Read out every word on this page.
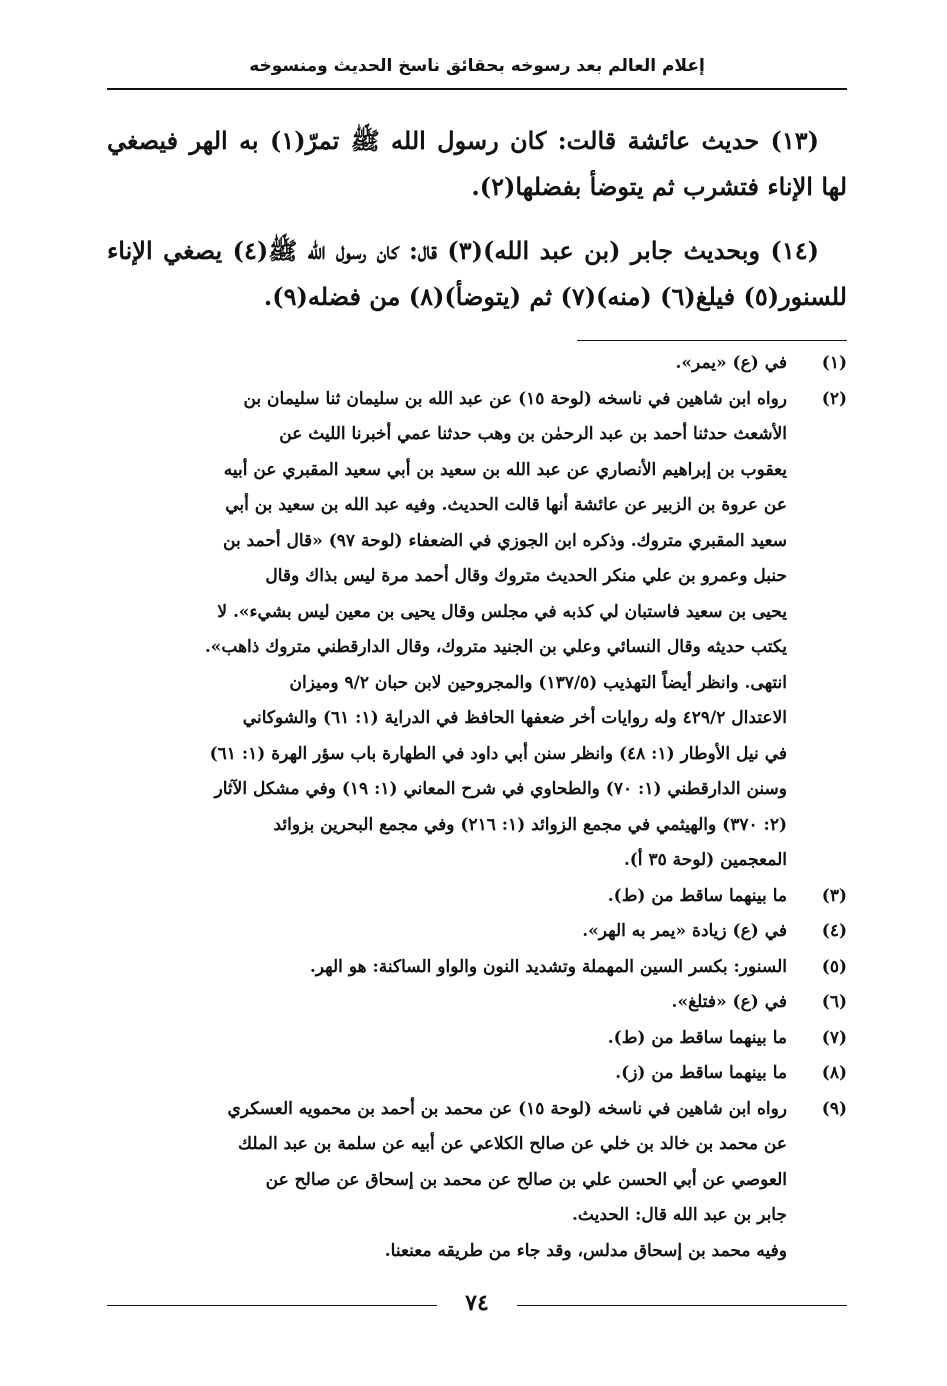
إعلام العالم بعد رسوخه بحقائق ناسخ الحديث ومنسوخه

(١٣) حديث عائشة قالت: كان رسول الله ﷺ تمرّ(١) به الهر فيصغي لها الإناء فتشرب ثم يتوضأ بفضلها(٢).

(١٤) وبحديث جابر (بن عبد الله)(٣) قال: كان رسول الله ﷺ(٤) يصغي الإناء للسنور(٥) فيلغ(٦) (منه)(٧) ثم (يتوضأ)(٨) من فضله(٩).

(١)
في (ع) «يمر».
(٢)
رواه ابن شاهين في ناسخه (لوحة ١٥) عن عبد الله بن سليمان ثنا سليمان بن
الأشعث حدثنا أحمد بن عبد الرحمٰن بن وهب حدثنا عمي أخبرنا الليث عن
يعقوب بن إبراهيم الأنصاري عن عبد الله بن سعيد بن أبي سعيد المقبري عن أبيه
عن عروة بن الزبير عن عائشة أنها قالت الحديث. وفيه عبد الله بن سعيد بن أبي
سعيد المقبري متروك. وذكره ابن الجوزي في الضعفاء (لوحة ٩٧) «قال أحمد بن
حنبل وعمرو بن علي منكر الحديث متروك وقال أحمد مرة ليس بذاك وقال
يحيى بن سعيد فاستبان لي كذبه في مجلس وقال يحيى بن معين ليس بشيء». لا
يكتب حديثه وقال النسائي وعلي بن الجنيد متروك، وقال الدارقطني متروك ذاهب».
انتهى. وانظر أيضاً التهذيب (١٣٧/٥) والمجروحين لابن حبان ٩/٢ وميزان
الاعتدال ٤٢٩/٢ وله روايات أخر ضعفها الحافظ في الدراية (١: ٦١) والشوكاني
في نيل الأوطار (١: ٤٨) وانظر سنن أبي داود في الطهارة باب سؤر الهرة (١: ٦١)
وسنن الدارقطني (١: ٧٠) والطحاوي في شرح المعاني (١: ١٩) وفي مشكل الآثار
(٢: ٣٧٠) والهيثمي في مجمع الزوائد (١: ٢١٦) وفي مجمع البحرين بزوائد
المعجمين (لوحة ٣٥ أ).
(٣)
ما بينهما ساقط من (ط).
(٤)
في (ع) زيادة «يمر به الهر».
(٥)
السنور: بكسر السين المهملة وتشديد النون والواو الساكنة: هو الهر.
(٦)
في (ع) «فتلغ».
(٧)
ما بينهما ساقط من (ط).
(٨)
ما بينهما ساقط من (ز).
(٩)
رواه ابن شاهين في ناسخه (لوحة ١٥) عن محمد بن أحمد بن محمويه العسكري
عن محمد بن خالد بن خلي عن صالح الكلاعي عن أبيه عن سلمة بن عبد الملك
العوصي عن أبي الحسن علي بن صالح عن محمد بن إسحاق عن صالح عن
جابر بن عبد الله قال: الحديث.
وفيه محمد بن إسحاق مدلس، وقد جاء من طريقه معنعنا.
٧٤
